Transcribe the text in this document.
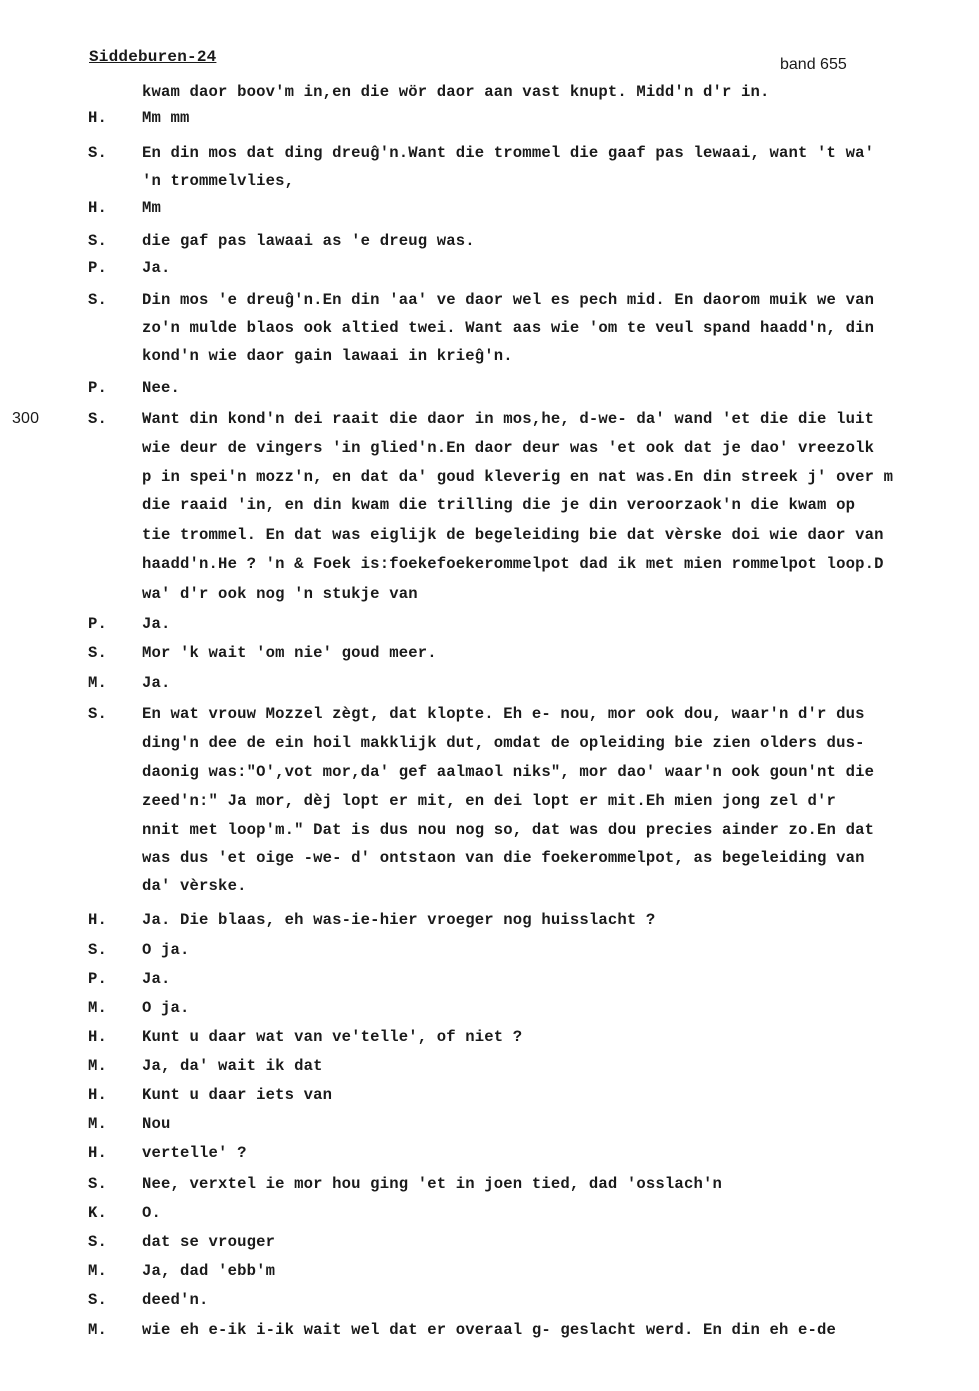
Siddeburen-24	band 655
kwam daor boov'm in,en die wör daor aan vast knupt. Midd'n d'r in.
H. Mm mm
S. En din mos dat ding dreuĝ'n.Want die trommel die gaaf pas lewaai, want 't wa'
'n trommelvlies,
H. Mm
S. die gaf pas lawaai as 'e dreug was.
P. Ja.
S. Din mos 'e dreuĝ'n.En din 'aa' ve daor wel es pech mid. En daorom muik we van
zo'n mulde blaos ook altied twei. Want aas wie 'om te veul spand haadd'n, din
kond'n wie daor gain lawaai in krieĝ'n.
P. Nee.
300	S. Want din kond'n dei raait die daor in mos,he, d-we- da' wand 'et die die luit
wie deur de vingers 'in glied'n.En daor deur was 'et ook dat je dao' vreezolk
p in spei'n mozz'n, en dat da' goud kleverig en nat was.En din streek j' over m
die raaid 'in, en din kwam die trilling die je din veroorzaok'n die kwam op
tie trommel. En dat was eiglijk de begeleiding bie dat vèrske doi wie daor van
haadd'n.He ? 'n & Foek is:foekefoekerommelpot dad ik met mien rommelpot loop.D
wa' d'r ook nog 'n stukje van
P. Ja.
S. Mor 'k wait 'om nie' goud meer.
M. Ja.
S. En wat vrouw Mozzel zègt, dat klopte. Eh e- nou, mor ook dou, waar'n d'r dus
ding'n dee de ein hoil makklijk dut, omdat de opleiding bie zien olders dus-
daonig was:"O',vot mor,da' gef aalmaol niks", mor dao' waar'n ook goun'nt die
zeed'n:" Ja mor, dèj lopt er mit, en dei lopt er mit.Eh mien jong zel d'r
nnit met loop'm." Dat is dus nou nog so, dat was dou precies ainder zo.En dat
was dus 'et oige -we- d' ontstaon van die foekerommelpot, as begeleiding van
da' vèrske.
H. Ja. Die blaas, eh was-ie-hier vroeger nog huisslacht ?
S. O ja.
P. Ja.
M. O ja.
H. Kunt u daar wat van ve'telle', of niet ?
M. Ja, da' wait ik dat
H. Kunt u daar iets van
M. Nou
H. vertelle' ?
S. Nee, verxtel ie mor hou ging 'et in joen tied, dad 'osslach'n
K. O.
S. dat se vrouger
M. Ja, dad 'ebb'm
S. deed'n.
M. wie eh e-ik i-ik wait wel dat er overaal g- geslacht werd. En din eh e-de
